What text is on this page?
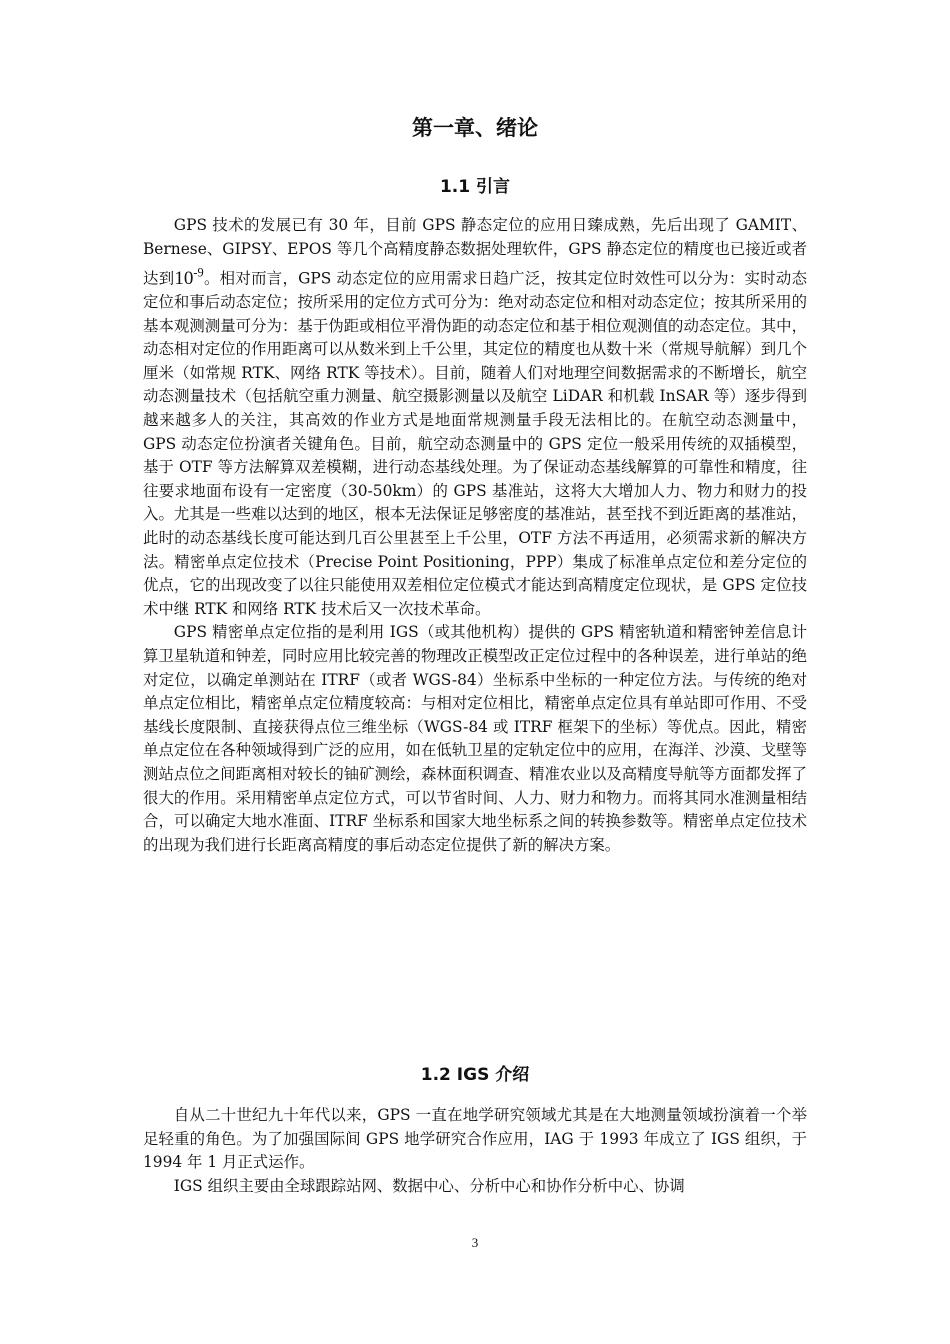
第一章、绪论
1.1 引言

GPS 技术的发展已有 30 年，目前 GPS 静态定位的应用日臻成熟，先后出现了 GAMIT、Bernese、GIPSY、EPOS 等几个高精度静态数据处理软件，GPS 静态定位的精度也已接近或者达到$10^{-9}$。相对而言，GPS 动态定位的应用需求日趋广泛，按其定位时效性可以分为：实时动态定位和事后动态定位；按所采用的定位方式可分为：绝对动态定位和相对动态定位；按其所采用的基本观测测量可分为：基于伪距或相位平滑伪距的动态定位和基于相位观测值的动态定位。其中，动态相对定位的作用距离可以从数米到上千公里，其定位的精度也从数十米（常规导航解）到几个厘米（如常规 RTK、网络 RTK 等技术）。目前，随着人们对地理空间数据需求的不断增长，航空动态测量技术（包括航空重力测量、航空摄影测量以及航空 LiDAR 和机载 InSAR 等）逐步得到越来越多人的关注，其高效的作业方式是地面常规测量手段无法相比的。在航空动态测量中，GPS 动态定位扮演者关键角色。目前，航空动态测量中的 GPS 定位一般采用传统的双插模型，基于 OTF 等方法解算双差模糊，进行动态基线处理。为了保证动态基线解算的可靠性和精度，往往要求地面布设有一定密度（30-50km）的 GPS 基准站，这将大大增加人力、物力和财力的投入。尤其是一些难以达到的地区，根本无法保证足够密度的基准站，甚至找不到近距离的基准站，此时的动态基线长度可能达到几百公里甚至上千公里，OTF 方法不再适用，必须需求新的解决方法。精密单点定位技术（Precise Point Positioning，PPP）集成了标准单点定位和差分定位的优点，它的出现改变了以往只能使用双差相位定位模式才能达到高精度定位现状，是 GPS 定位技术中继 RTK 和网络 RTK 技术后又一次技术革命。

GPS 精密单点定位指的是利用 IGS（或其他机构）提供的 GPS 精密轨道和精密钟差信息计算卫星轨道和钟差，同时应用比较完善的物理改正模型改正定位过程中的各种误差，进行单站的绝对定位，以确定单测站在 ITRF（或者 WGS-84）坐标系中坐标的一种定位方法。与传统的绝对单点定位相比，精密单点定位精度较高：与相对定位相比，精密单点定位具有单站即可作用、不受基线长度限制、直接获得点位三维坐标（WGS-84 或 ITRF 框架下的坐标）等优点。因此，精密单点定位在各种领域得到广泛的应用，如在低轨卫星的定轨定位中的应用，在海洋、沙漠、戈壁等测站点位之间距离相对较长的铀矿测绘，森林面积调查、精准农业以及高精度导航等方面都发挥了很大的作用。采用精密单点定位方式，可以节省时间、人力、财力和物力。而将其同水准测量相结合，可以确定大地水准面、ITRF 坐标系和国家大地坐标系之间的转换参数等。精密单点定位技术的出现为我们进行长距离高精度的事后动态定位提供了新的解决方案。

1.2 IGS 介绍

自从二十世纪九十年代以来，GPS 一直在地学研究领域尤其是在大地测量领域扮演着一个举足轻重的角色。为了加强国际间 GPS 地学研究合作应用，IAG 于 1993 年成立了 IGS 组织，于 1994 年 1 月正式运作。

IGS 组织主要由全球跟踪站网、数据中心、分析中心和协作分析中心、协调

3
